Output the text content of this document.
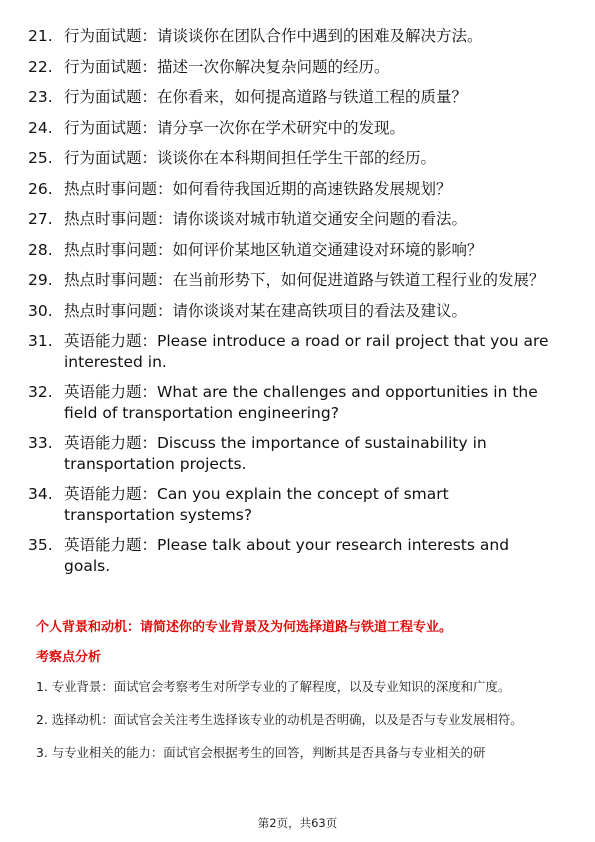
21. 行为面试题：请谈谈你在团队合作中遇到的困难及解决方法。
22. 行为面试题：描述一次你解决复杂问题的经历。
23. 行为面试题：在你看来，如何提高道路与铁道工程的质量？
24. 行为面试题：请分享一次你在学术研究中的发现。
25. 行为面试题：谈谈你在本科期间担任学生干部的经历。
26. 热点时事问题：如何看待我国近期的高速铁路发展规划？
27. 热点时事问题：请你谈谈对城市轨道交通安全问题的看法。
28. 热点时事问题：如何评价某地区轨道交通建设对环境的影响？
29. 热点时事问题：在当前形势下，如何促进道路与铁道工程行业的发展？
30. 热点时事问题：请你谈谈对某在建高铁项目的看法及建议。
31. 英语能力题：Please introduce a road or rail project that you are interested in.
32. 英语能力题：What are the challenges and opportunities in the field of transportation engineering?
33. 英语能力题：Discuss the importance of sustainability in transportation projects.
34. 英语能力题：Can you explain the concept of smart transportation systems?
35. 英语能力题：Please talk about your research interests and goals.
个人背景和动机：请简述你的专业背景及为何选择道路与铁道工程专业。
考察点分析
1. 专业背景：面试官会考察考生对所学专业的了解程度，以及专业知识的深度和广度。
2. 选择动机：面试官会关注考生选择该专业的动机是否明确，以及是否与专业发展相符。
3. 与专业相关的能力：面试官会根据考生的回答，判断其是否具备与专业相关的研
第2页，共63页
